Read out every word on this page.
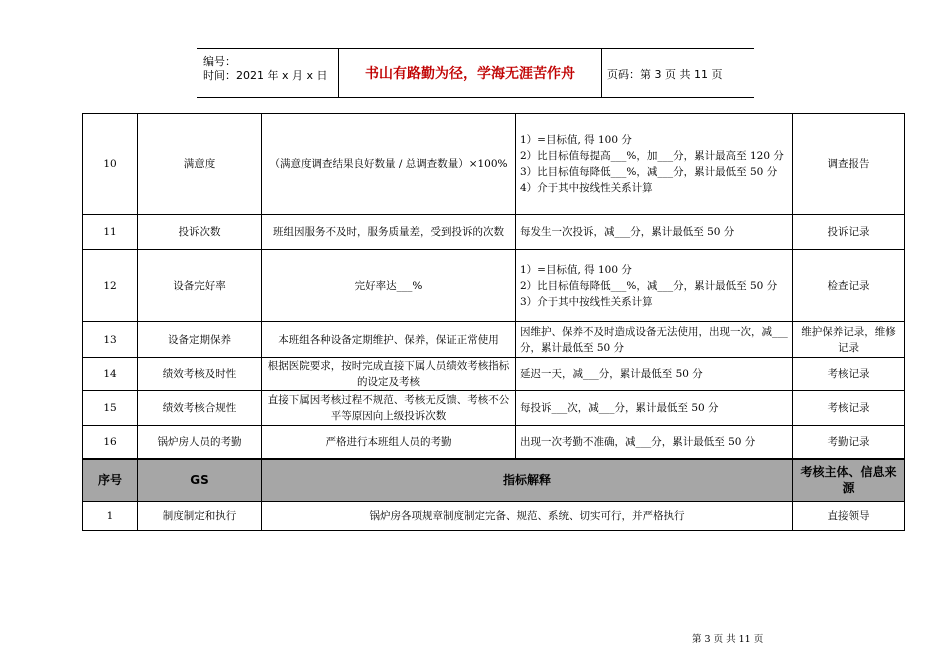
编号：
时间：2021 年 x 月 x 日	书山有路勤为径，学海无涯苦作舟	页码：第 3 页 共 11 页
10	满意度	（满意度调查结果良好数量 / 总调查数量）×100%	1）=目标值, 得 100 分
2）比目标值每提高___%，加___分，累计最高至 120 分
3）比目标值每降低___%，减___分，累计最低至 50 分
4）介于其中按线性关系计算	调查报告
11	投诉次数	班组因服务不及时，服务质量差，受到投诉的次数	每发生一次投诉，减___分，累计最低至 50 分	投诉记录
12	设备完好率	完好率达___%	1）=目标值, 得 100 分
2）比目标值每降低___%，减___分，累计最低至 50 分
3）介于其中按线性关系计算	检查记录
13	设备定期保养	本班组各种设备定期维护、保养，保证正常使用	因维护、保养不及时造成设备无法使用，出现一次，减___分，累计最低至 50 分	维护保养记录，维修记录
14	绩效考核及时性	根据医院要求，按时完成直接下属人员绩效考核指标的设定及考核	延迟一天，减___分，累计最低至 50 分	考核记录
15	绩效考核合规性	直接下属因考核过程不规范、考核无反馈、考核不公平等原因向上级投诉次数	每投诉___次，减___分，累计最低至 50 分	考核记录
16	锅炉房人员的考勤	严格进行本班组人员的考勤	出现一次考勤不准确，减___分，累计最低至 50 分	考勤记录
序号	GS	指标解释		考核主体、信息来源
1	制度制定和执行	锅炉房各项规章制度制定完备、规范、系统、切实可行，并严格执行		直接领导
第 3 页 共 11 页
